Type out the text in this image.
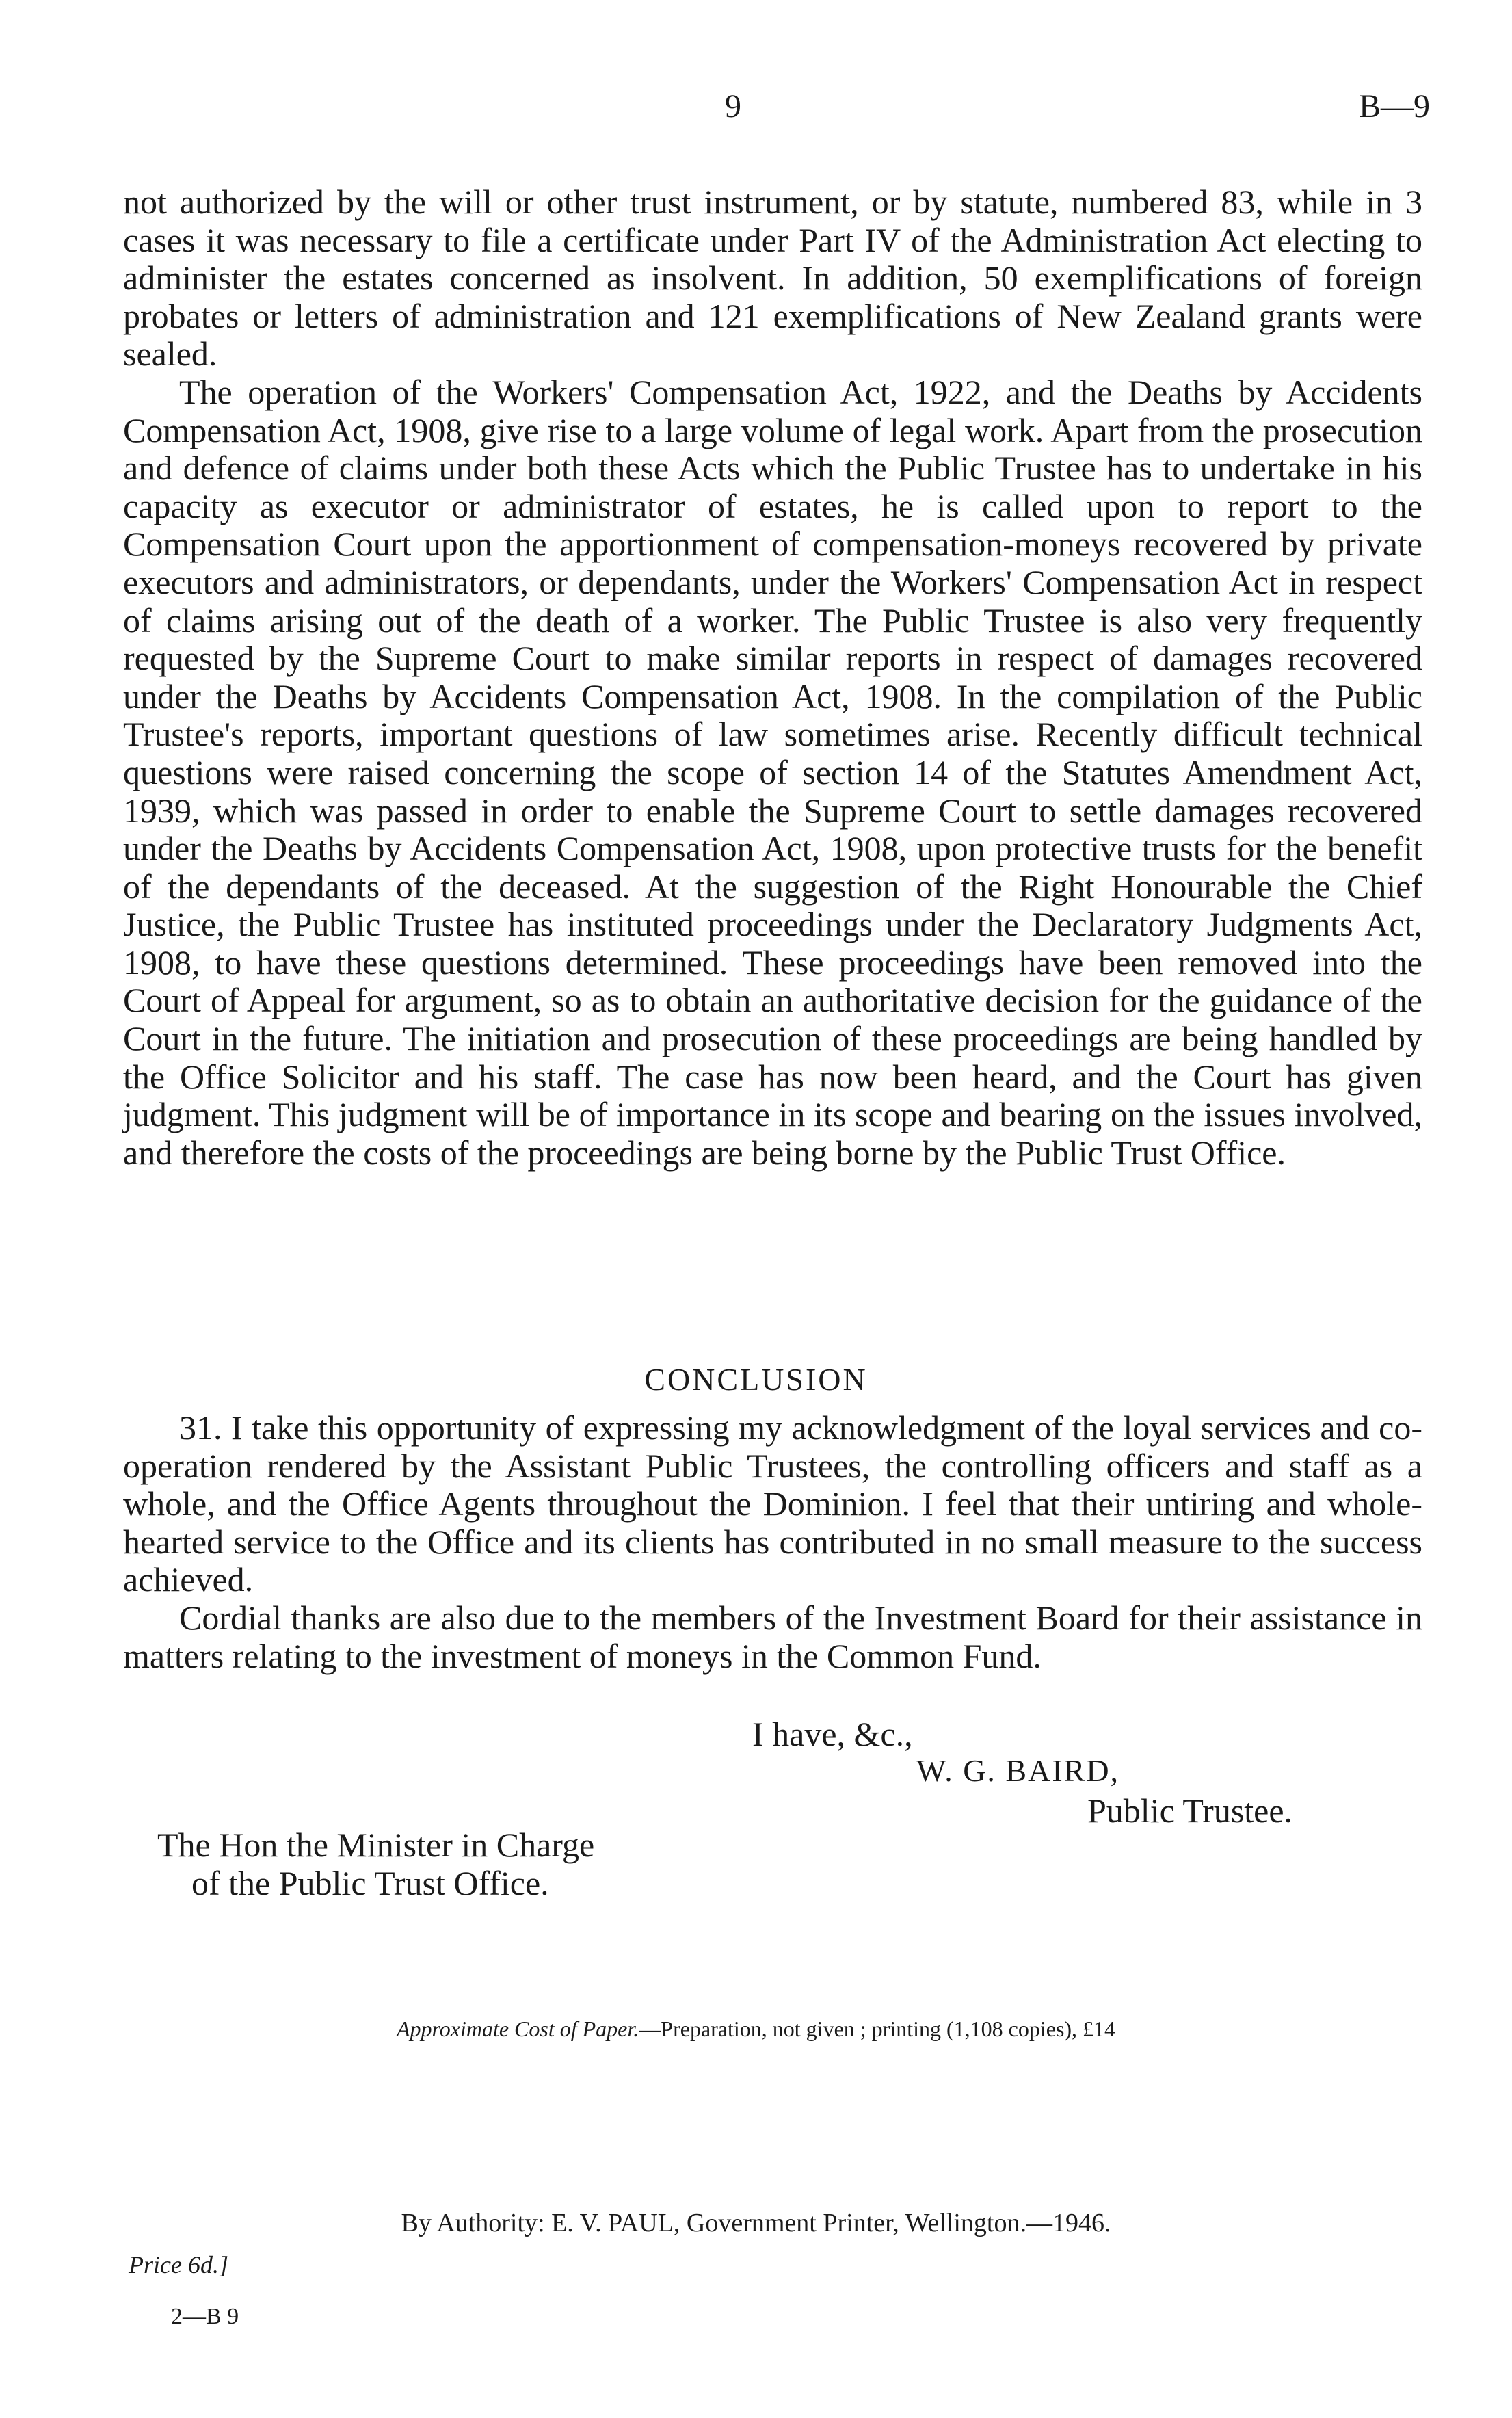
9	B—9

not authorized by the will or other trust instrument, or by statute, numbered 83, while in 3 cases it was necessary to file a certificate under Part IV of the Administration Act electing to administer the estates concerned as insolvent. In addition, 50 exemplifications of foreign probates or letters of administration and 121 exemplifications of New Zealand grants were sealed.

The operation of the Workers' Compensation Act, 1922, and the Deaths by Accidents Compensation Act, 1908, give rise to a large volume of legal work. Apart from the prosecution and defence of claims under both these Acts which the Public Trustee has to undertake in his capacity as executor or administrator of estates, he is called upon to report to the Compensation Court upon the apportionment of compensation-moneys recovered by private executors and administrators, or dependants, under the Workers' Compensation Act in respect of claims arising out of the death of a worker. The Public Trustee is also very frequently requested by the Supreme Court to make similar reports in respect of damages recovered under the Deaths by Accidents Compensation Act, 1908. In the compilation of the Public Trustee's reports, important questions of law sometimes arise. Recently difficult technical questions were raised concerning the scope of section 14 of the Statutes Amendment Act, 1939, which was passed in order to enable the Supreme Court to settle damages recovered under the Deaths by Accidents Compensation Act, 1908, upon protective trusts for the benefit of the dependants of the deceased. At the suggestion of the Right Honourable the Chief Justice, the Public Trustee has instituted proceedings under the Declaratory Judgments Act, 1908, to have these questions determined. These proceedings have been removed into the Court of Appeal for argument, so as to obtain an authoritative decision for the guidance of the Court in the future. The initiation and prosecution of these proceedings are being handled by the Office Solicitor and his staff. The case has now been heard, and the Court has given judgment. This judgment will be of importance in its scope and bearing on the issues involved, and therefore the costs of the proceedings are being borne by the Public Trust Office.

CONCLUSION

31. I take this opportunity of expressing my acknowledgment of the loyal services and co-operation rendered by the Assistant Public Trustees, the controlling officers and staff as a whole, and the Office Agents throughout the Dominion. I feel that their untiring and whole-hearted service to the Office and its clients has contributed in no small measure to the success achieved.

Cordial thanks are also due to the members of the Investment Board for their assistance in matters relating to the investment of moneys in the Common Fund.

I have, &c.,
W. G. BAIRD,
Public Trustee.
The Hon the Minister in Charge
of the Public Trust Office.
Approximate Cost of Paper.—Preparation, not given ; printing (1,108 copies), £14
By Authority: E. V. PAUL, Government Printer, Wellington.—1946.
Price 6d.]
2—B 9
